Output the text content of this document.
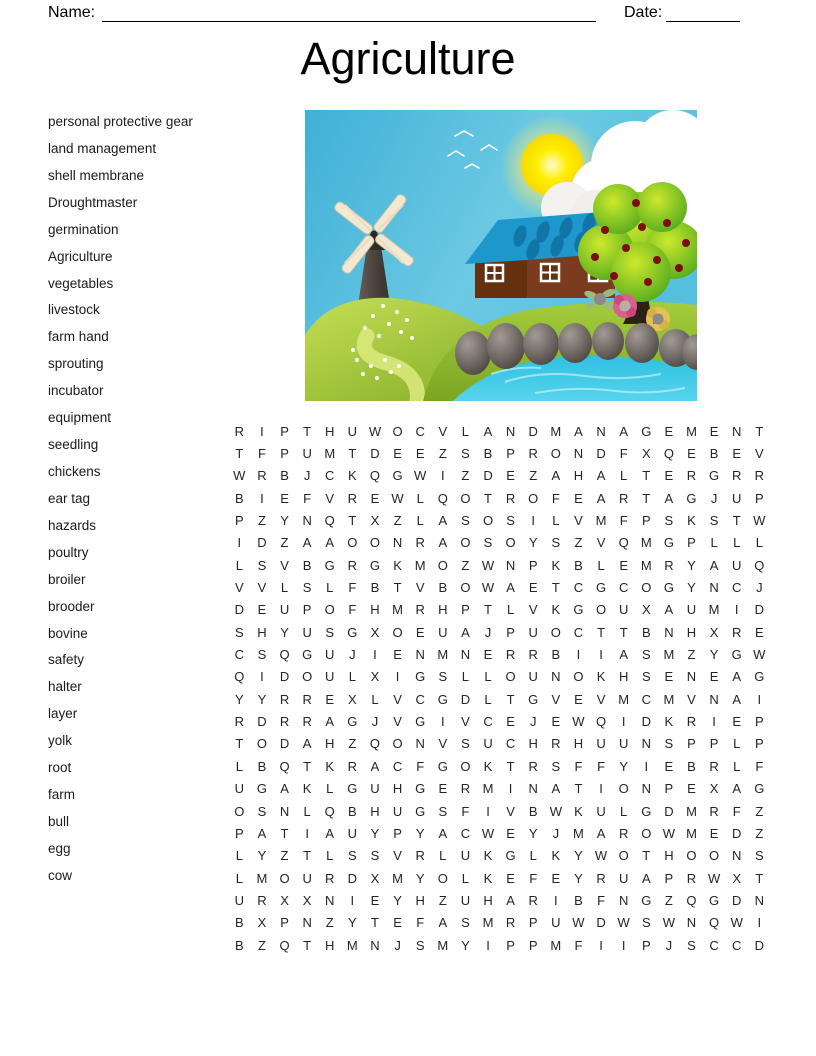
Name:	Date:
Agriculture
personal protective gear
land management
shell membrane
Droughtmaster
germination
Agriculture
vegetables
livestock
farm hand
sprouting
incubator
equipment
seedling
chickens
ear tag
hazards
poultry
broiler
brooder
bovine
safety
halter
layer
yolk
root
farm
bull
egg
cow
R	I	P	T	H	U W O C	V	L	A	N	D M A	N	A	G	E M E	N	T
T	F	P	U M	T	D	E	E	Z	S	B	P	R O N	D	F	X	Q	E	B	E	V
W R	B	J	C	K	Q G W	I	Z	D	E	Z	A	H	A	L	T	E	R G R	R
B	I	E	F	V	R	E W L	Q O	T	R O	F	E	A	R	T	A	G	J	U	P
P	Z	Y	N Q	T	X	Z	L	A	S	O	S	I	L	V M	F	P	S	K	S	T W
I	D	Z	A	A	O O N	R	A	O	S	O	Y	S	Z	V	Q M G	P	L	L	L
L	S	V	B	G R G	K M O	Z W N	P	K	B	L	E M R	Y	A	U Q
V	V	L	S	L	F	B	T	V	B	O W A	E	T	C G C O G	Y	N	C	J
D	E	U	P	O	F	H M R	H	P	T	L	V	K	G O U	X	A	U M	I	D
S	H	Y	U	S	G	X	O	E	U	A	J	P	U O C	T	T	B	N	H	X	R	E
C	S	Q G U	J	I	E	N M N	E	R	R	B	I	I	A	S M	Z	Y	G W
Q	I	D O U	L	X	I	G	S	L	L	O U	N O	K	H	S	E	N	E	A	G
Y	Y	R	R	E	X	L	V	C G D	L	T	G	V	E	V M C M V	N	A	I
R	D	R	R	A	G	J	V	G	I	V	C	E	J	E W Q	I	D	K	R	I	E	P
T	O D	A	H	Z	Q O N	V	S	U	C	H	R	H	U	U	N	S	P	P	L	P
L	B	Q	T	K	R	A	C	F	G O	K	T	R	S	F	F	Y	I	E	B	R	L	F
U G	A	K	L	G U	H G	E	R M	I	N	A	T	I	O N	P	E	X	A	G
O	S	N	L	Q	B	H	U G	S	F	I	V	B W K	U	L	G D M R	F	Z
P	A	T	I	A	U	Y	P	Y	A	C W E	Y	J	M A	R O W M E	D	Z
L	Y	Z	T	L	S	S	V	R	L	U	K	G	L	K	Y W O	T	H O O N	S
L	M O U	R	D	X M Y	O	L	K	E	F	E	Y	R	U	A	P	R W X	T
U	R	X	X	N	I	E	Y	H	Z	U	H	A	R	I	B	F	N G	Z	Q G D	N
B	X	P	N	Z	Y	T	E	F	A	S M R	P	U W D W S W N Q W	I
B	Z	Q	T	H M N	J	S M Y	I	P	P M	F	I	I	P	J	S	C	C	D
